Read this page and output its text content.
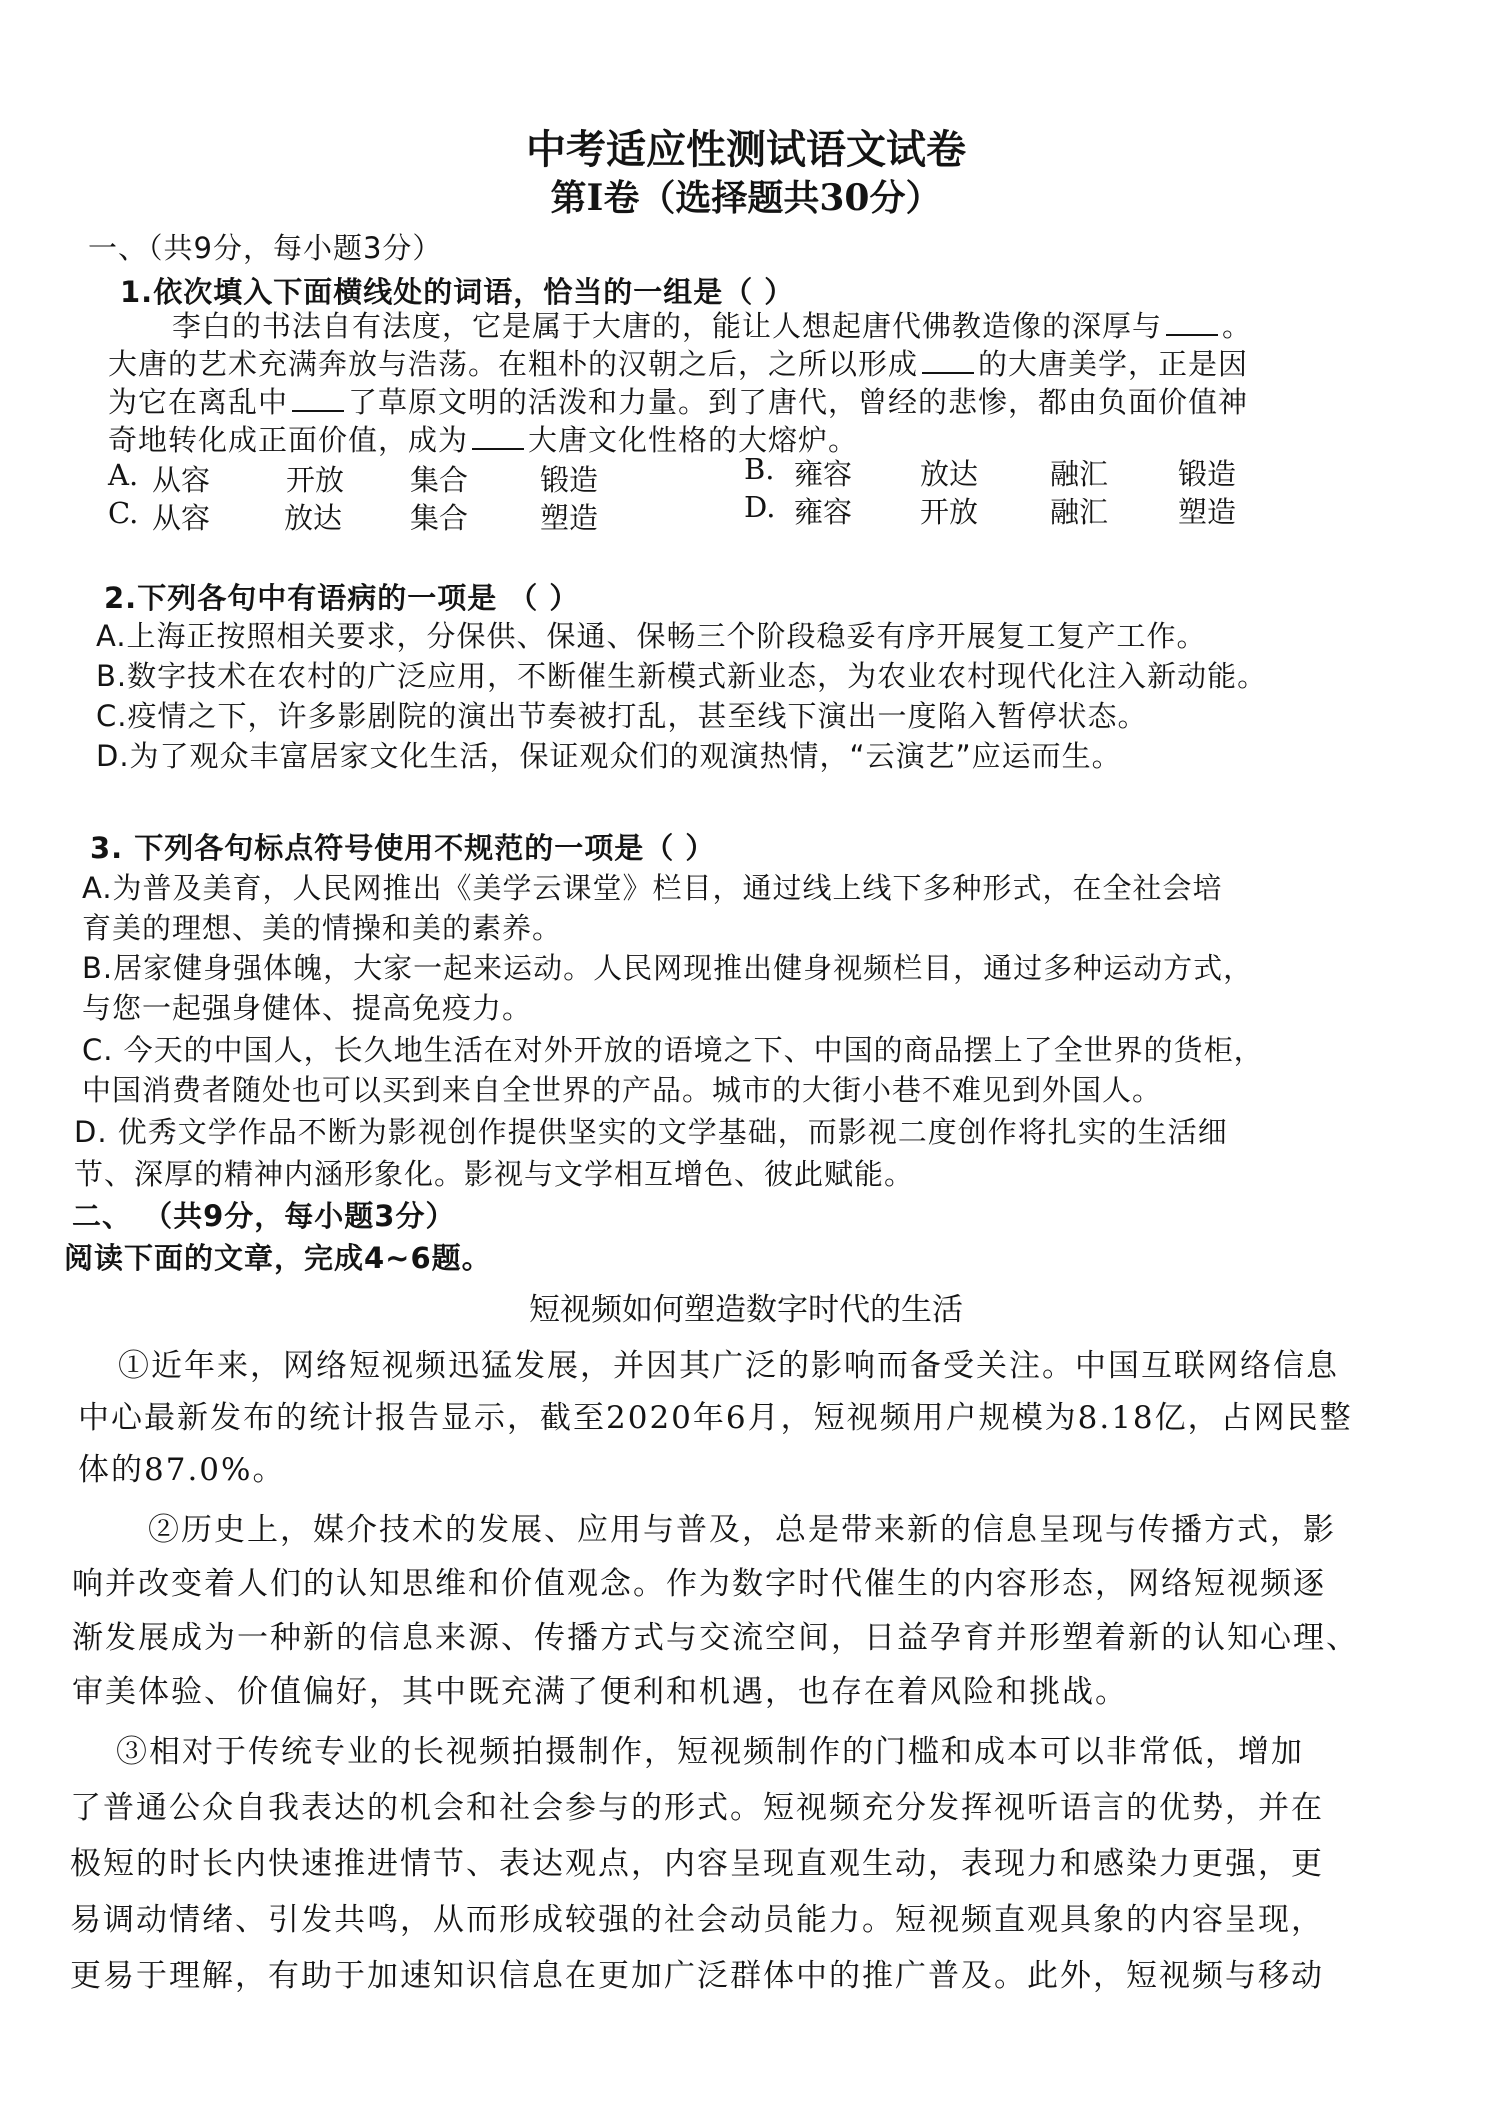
中考适应性测试语文试卷
第Ⅰ卷（选择题共30分）
一、（共9分，每小题3分）
1.依次填入下面横线处的词语，恰当的一组是（ ）
李白的书法自有法度，它是属于大唐的，能让人想起唐代佛教造像的深厚与 。
大唐的艺术充满奔放与浩荡。在粗朴的汉朝之后，之所以形成 的大唐美学，正是因
为它在离乱中 了草原文明的活泼和力量。到了唐代，曾经的悲惨，都由负面价值神
奇地转化成正面价值，成为 大唐文化性格的大熔炉。
A. 从容	开放 集合 锻造	B. 雍容 放达 融汇 锻造
C. 从容	放达 集合 塑造	D. 雍容 开放 融汇 塑造
2.下列各句中有语病的一项是 （ ）
A.上海正按照相关要求，分保供、保通、保畅三个阶段稳妥有序开展复工复产工作。
B.数字技术在农村的广泛应用，不断催生新模式新业态，为农业农村现代化注入新动能。
C.疫情之下，许多影剧院的演出节奏被打乱，甚至线下演出一度陷入暂停状态。
D.为了观众丰富居家文化生活，保证观众们的观演热情，“云演艺”应运而生。
3. 下列各句标点符号使用不规范的一项是（ ）
A.为普及美育，人民网推出《美学云课堂》栏目，通过线上线下多种形式，在全社会培
育美的理想、美的情操和美的素养。
B.居家健身强体魄，大家一起来运动。人民网现推出健身视频栏目，通过多种运动方式，
与您一起强身健体、提高免疫力。
C. 今天的中国人，长久地生活在对外开放的语境之下、中国的商品摆上了全世界的货柜，
中国消费者随处也可以买到来自全世界的产品。城市的大街小巷不难见到外国人。
D. 优秀文学作品不断为影视创作提供坚实的文学基础，而影视二度创作将扎实的生活细
节、深厚的精神内涵形象化。影视与文学相互增色、彼此赋能。
二、 （共9分，每小题3分）
阅读下面的文章，完成4~6题。
短视频如何塑造数字时代的生活
①近年来，网络短视频迅猛发展，并因其广泛的影响而备受关注。中国互联网络信息
中心最新发布的统计报告显示，截至2020年6月，短视频用户规模为8.18亿，占网民整
体的87.0%。
②历史上，媒介技术的发展、应用与普及，总是带来新的信息呈现与传播方式，影
响并改变着人们的认知思维和价值观念。作为数字时代催生的内容形态，网络短视频逐
渐发展成为一种新的信息来源、传播方式与交流空间，日益孕育并形塑着新的认知心理、
审美体验、价值偏好，其中既充满了便利和机遇，也存在着风险和挑战。
③相对于传统专业的长视频拍摄制作，短视频制作的门槛和成本可以非常低，增加
了普通公众自我表达的机会和社会参与的形式。短视频充分发挥视听语言的优势，并在
极短的时长内快速推进情节、表达观点，内容呈现直观生动，表现力和感染力更强，更
易调动情绪、引发共鸣，从而形成较强的社会动员能力。短视频直观具象的内容呈现，
更易于理解，有助于加速知识信息在更加广泛群体中的推广普及。此外，短视频与移动
